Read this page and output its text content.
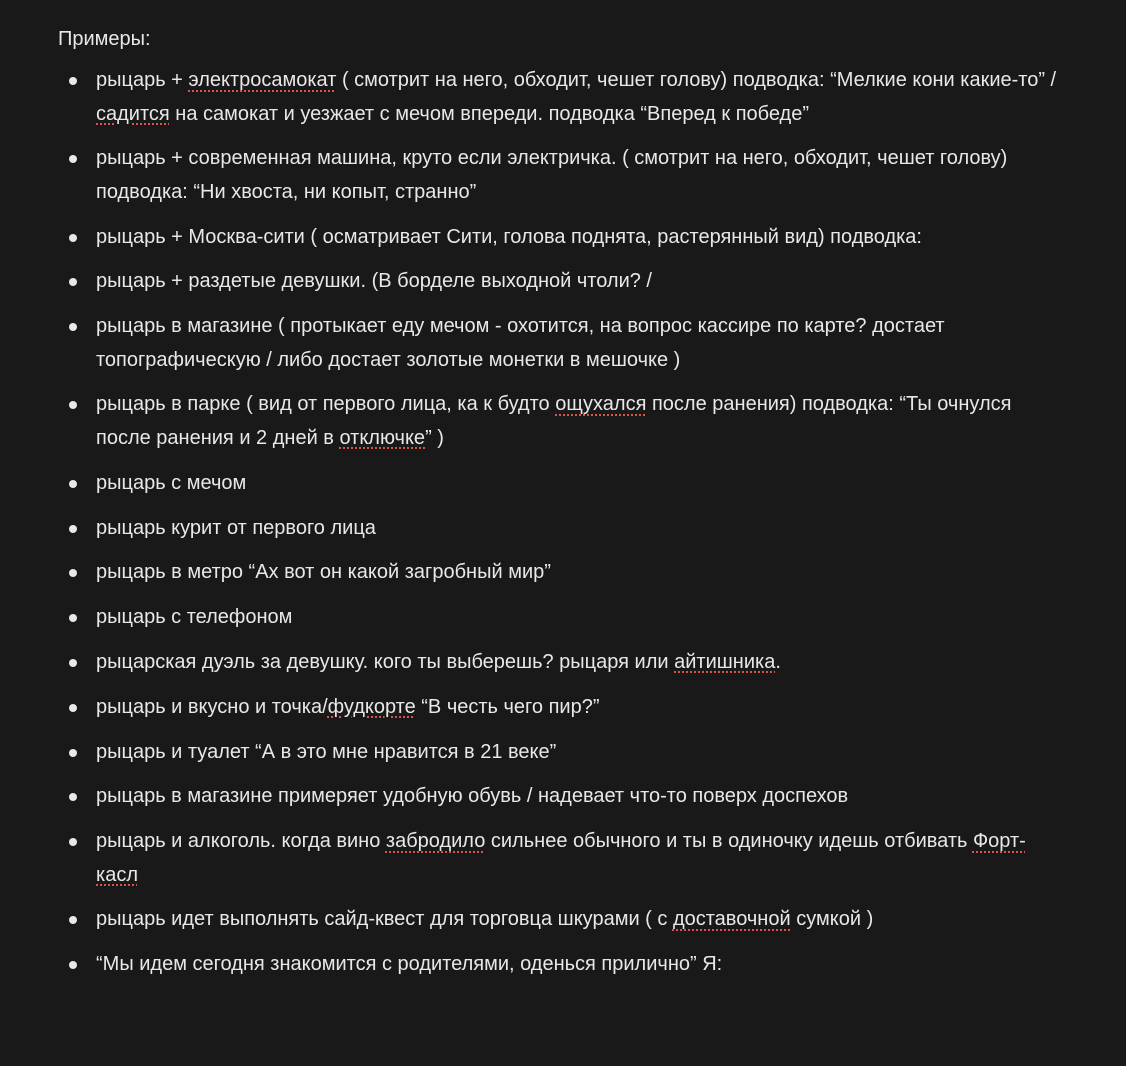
Примеры:
рыцарь + электросамокат ( смотрит на него, обходит, чешет голову) подводка: “Мелкие кони какие-то” / садится на самокат и уезжает с мечом впереди. подводка “Вперед к победе”
рыцарь + современная машина, круто если электричка. ( смотрит на него, обходит, чешет голову) подводка: “Ни хвоста, ни копыт, странно”
рыцарь + Москва-сити ( осматривает Сити, голова поднята, растерянный вид) подводка:
рыцарь + раздетые девушки. (В борделе выходной чтоли? /
рыцарь в магазине ( протыкает еду мечом - охотится, на вопрос кассире по карте? достает топографическую / либо достает золотые монетки в мешочке )
рыцарь в парке ( вид от первого лица, ка к будто ощухался после ранения) подводка: “Ты очнулся после ранения и 2 дней в отключке” )
рыцарь с мечом
рыцарь курит от первого лица
рыцарь в метро “Ах вот он какой загробный мир”
рыцарь с телефоном
рыцарская дуэль за девушку. кого ты выберешь? рыцаря или айтишника.
рыцарь и вкусно и точка/фудкорте “В честь чего пир?”
рыцарь и туалет “А в это мне нравится в 21 веке”
рыцарь в магазине примеряет удобную обувь / надевает что-то поверх доспехов
рыцарь и алкоголь. когда вино забродило сильнее обычного и ты в одиночку идешь отбивать Форт-касл
рыцарь идет выполнять сайд-квест для торговца шкурами ( с доставочной сумкой )
“Мы идем сегодня знакомится с родителями, оденься прилично” Я:
